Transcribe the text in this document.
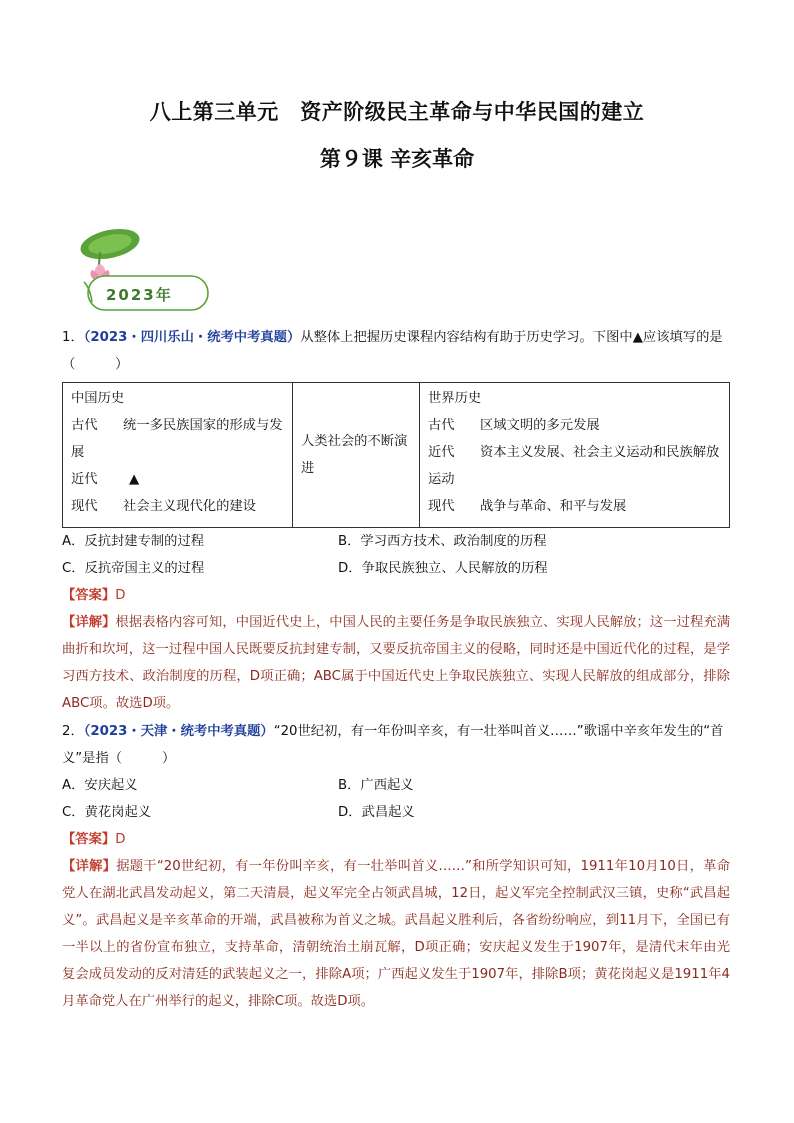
八上第三单元　资产阶级民主革命与中华民国的建立
第９课 辛亥革命
2023年
1．（2023・四川乐山・统考中考真题）从整体上把握历史课程内容结构有助于历史学习。下图中▲应该填写的是（　　　）
中国历史
古代 统一多民族国家的形成与发展
近代 ▲
现代 社会主义现代化的建设
	人类社会的不断演进	
世界历史
古代 区域文明的多元发展
近代 资本主义发展、社会主义运动和民族解放运动
现代 战争与革命、和平与发展
A．反抗封建专制的过程	B．学习西方技术、政治制度的历程
C．反抗帝国主义的过程	D．争取民族独立、人民解放的历程
【答案】D
【详解】根据表格内容可知，中国近代史上，中国人民的主要任务是争取民族独立、实现人民解放；这一过程充满曲折和坎坷，这一过程中国人民既要反抗封建专制，又要反抗帝国主义的侵略，同时还是中国近代化的过程，是学习西方技术、政治制度的历程，D项正确；ABC属于中国近代史上争取民族独立、实现人民解放的组成部分，排除ABC项。故选D项。
2．（2023・天津・统考中考真题）“20世纪初，有一年份叫辛亥，有一壮举叫首义……”歌谣中辛亥年发生的“首义”是指（　　　）
A．安庆起义	B．广西起义
C．黄花岗起义	D．武昌起义
【答案】D
【详解】据题干“20世纪初，有一年份叫辛亥，有一壮举叫首义……”和所学知识可知，1911年10月10日，革命党人在湖北武昌发动起义，第二天清晨，起义军完全占领武昌城，12日，起义军完全控制武汉三镇，史称“武昌起义”。武昌起义是辛亥革命的开端，武昌被称为首义之城。武昌起义胜利后，各省纷纷响应，到11月下，全国已有一半以上的省份宣布独立，支持革命，清朝统治土崩瓦解，D项正确；安庆起义发生于1907年，是清代末年由光复会成员发动的反对清廷的武装起义之一，排除A项；广西起义发生于1907年，排除B项；黄花岗起义是1911年4月革命党人在广州举行的起义，排除C项。故选D项。
